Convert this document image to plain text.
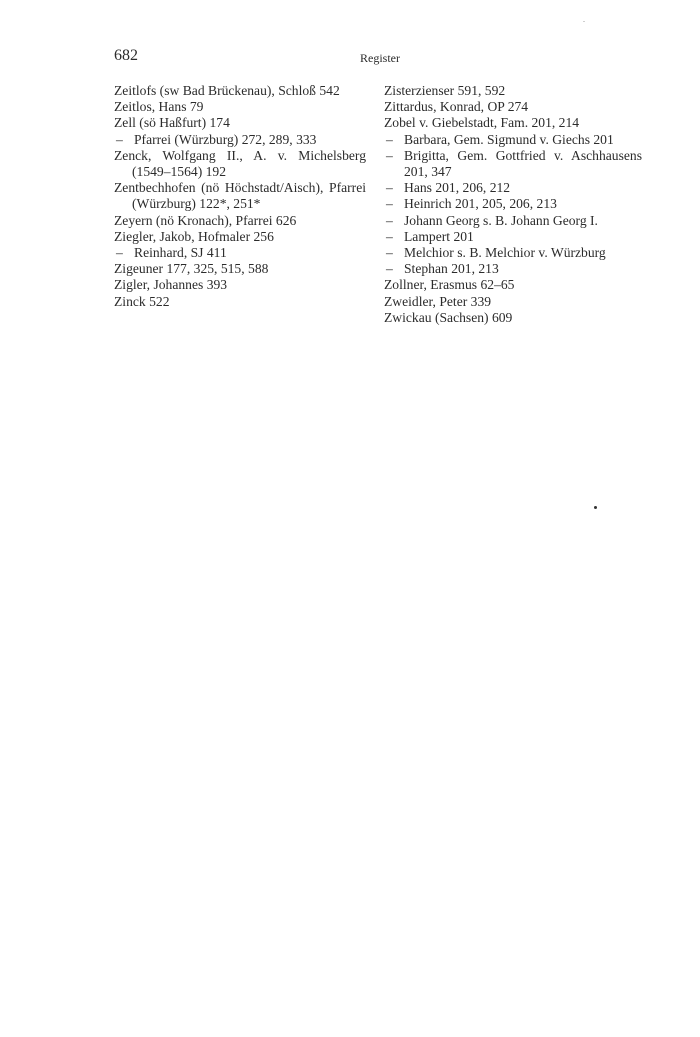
682	Register
Zeitlofs (sw Bad Brückenau), Schloß 542
Zeitlos, Hans 79
Zell (sö Haßfurt) 174
– Pfarrei (Würzburg) 272, 289, 333
Zenck, Wolfgang II., A. v. Michelsberg (1549–1564) 192
Zentbechhofen (nö Höchstadt/Aisch), Pfarrei (Würzburg) 122*, 251*
Zeyern (nö Kronach), Pfarrei 626
Ziegler, Jakob, Hofmaler 256
– Reinhard, SJ 411
Zigeuner 177, 325, 515, 588
Zigler, Johannes 393
Zinck 522
Zisterzienser 591, 592
Zittardus, Konrad, OP 274
Zobel v. Giebelstadt, Fam. 201, 214
– Barbara, Gem. Sigmund v. Giechs 201
– Brigitta, Gem. Gottfried v. Aschhausens 201, 347
– Hans 201, 206, 212
– Heinrich 201, 205, 206, 213
– Johann Georg s. B. Johann Georg I.
– Lampert 201
– Melchior s. B. Melchior v. Würzburg
– Stephan 201, 213
Zollner, Erasmus 62–65
Zweidler, Peter 339
Zwickau (Sachsen) 609
